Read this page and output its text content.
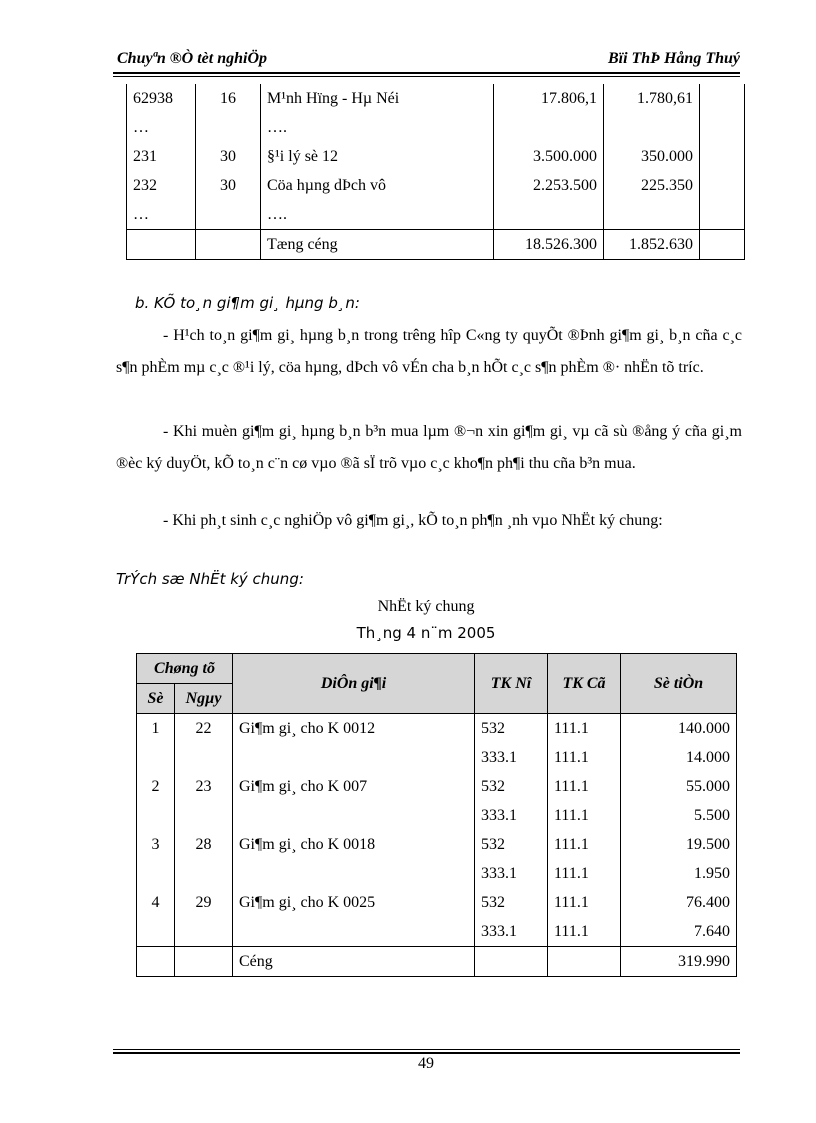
Chuyªn ®Ò tèt nghiÖp	Bïi ThÞ Hång Thuý
62938	16	M¹nh Hïng - Hµ Néi	17.806,1	1.780,61	
…		….			
231	30	§¹i lý sè 12	3.500.000	350.000	
232	30	Cöa hµng dÞch vô	2.253.500	225.350	
…		….			
		Tæng céng	18.526.300	1.852.630	
b. KÕ to¸n gi¶m gi¸ hµng b¸n:
- H¹ch to¸n gi¶m gi¸ hµng b¸n trong trêng hîp C«ng ty quyÕt ®Þnh gi¶m gi¸ b¸n cña c¸c s¶n phÈm mµ c¸c ®¹i lý, cöa hµng, dÞch vô vÉn cha b¸n hÕt c¸c s¶n phÈm ®· nhËn tõ tríc.
- Khi muèn gi¶m gi¸ hµng b¸n b³n mua lµm ®¬n xin gi¶m gi¸ vµ cã sù ®ång ý cña gi¸m ®èc ký duyÖt, kÕ to¸n c¨n cø vµo ®ã sÏ trõ vµo c¸c kho¶n ph¶i thu cña b³n mua.
- Khi ph¸t sinh c¸c nghiÖp vô gi¶m gi¸, kÕ to¸n ph¶n ¸nh vµo NhËt ký chung:
TrÝch sæ NhËt ký chung:
NhËt ký chung
Th¸ng 4 n¨m 2005
Chøng tõ		DiÔn gi¶i	TK Nî	TK Cã	Sè tiÒn
Sè	Ngµy				
1	22	Gi¶m gi¸ cho K 0012	532	111.1	140.000
			333.1	111.1	14.000
2	23	Gi¶m gi¸ cho K 007	532	111.1	55.000
			333.1	111.1	5.500
3	28	Gi¶m gi¸ cho K 0018	532	111.1	19.500
			333.1	111.1	1.950
4	29	Gi¶m gi¸ cho K 0025	532	111.1	76.400
			333.1	111.1	7.640
		Céng			319.990
49
